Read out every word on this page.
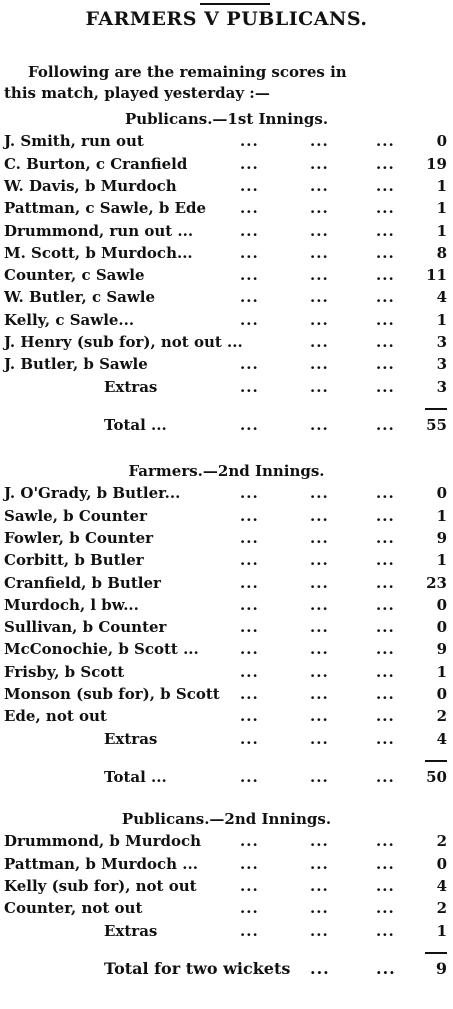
FARMERS V PUBLICANS.
Following are the remaining scores in
this match, played yesterday :—
Publicans.—1st Innings.
J. Smith, run out	...	...	...	0
C. Burton, c Cranfield	...	...	...	19
W. Davis, b Murdoch	...	...	...	1
Pattman, c Sawle, b Ede ...	...	...	1
Drummond, run out ...	...	...	...	1
M. Scott, b Murdoch...	...	...	...	8
Counter, c Sawle	...	...	...	11
W. Butler, c Sawle	...	...	...	4
Kelly, c Sawle...	...	...	...	1
J. Henry (sub for), not out ...	...	...	3
J. Butler, b Sawle	...	...	...	3
Extras	...	...	...	3
Total ...	...	...	...	55
Farmers.—2nd Innings.
J. O'Grady, b Butler...	...	...	...	0
Sawle, b Counter	...	...	...	1
Fowler, b Counter	...	...	...	9
Corbitt, b Butler	...	...	...	1
Cranfield, b Butler	...	...	...	23
Murdoch, l bw...	...	...	...	0
Sullivan, b Counter	...	...	...	0
McConochie, b Scott ...	...	...	...	9
Frisby, b Scott	...	...	...	1
Monson (sub for), b Scott ...	...	...	0
Ede, not out	...	...	...	2
Extras	...	...	...	4
Total ...	...	...	...	50
Publicans.—2nd Innings.
Drummond, b Murdoch	...	...	...	2
Pattman, b Murdoch ...	...	...	...	0
Kelly (sub for), not out	...	...	...	4
Counter, not out	...	...	...	2
Extras	...	...	...	1
Total for two wickets ...	...	9
